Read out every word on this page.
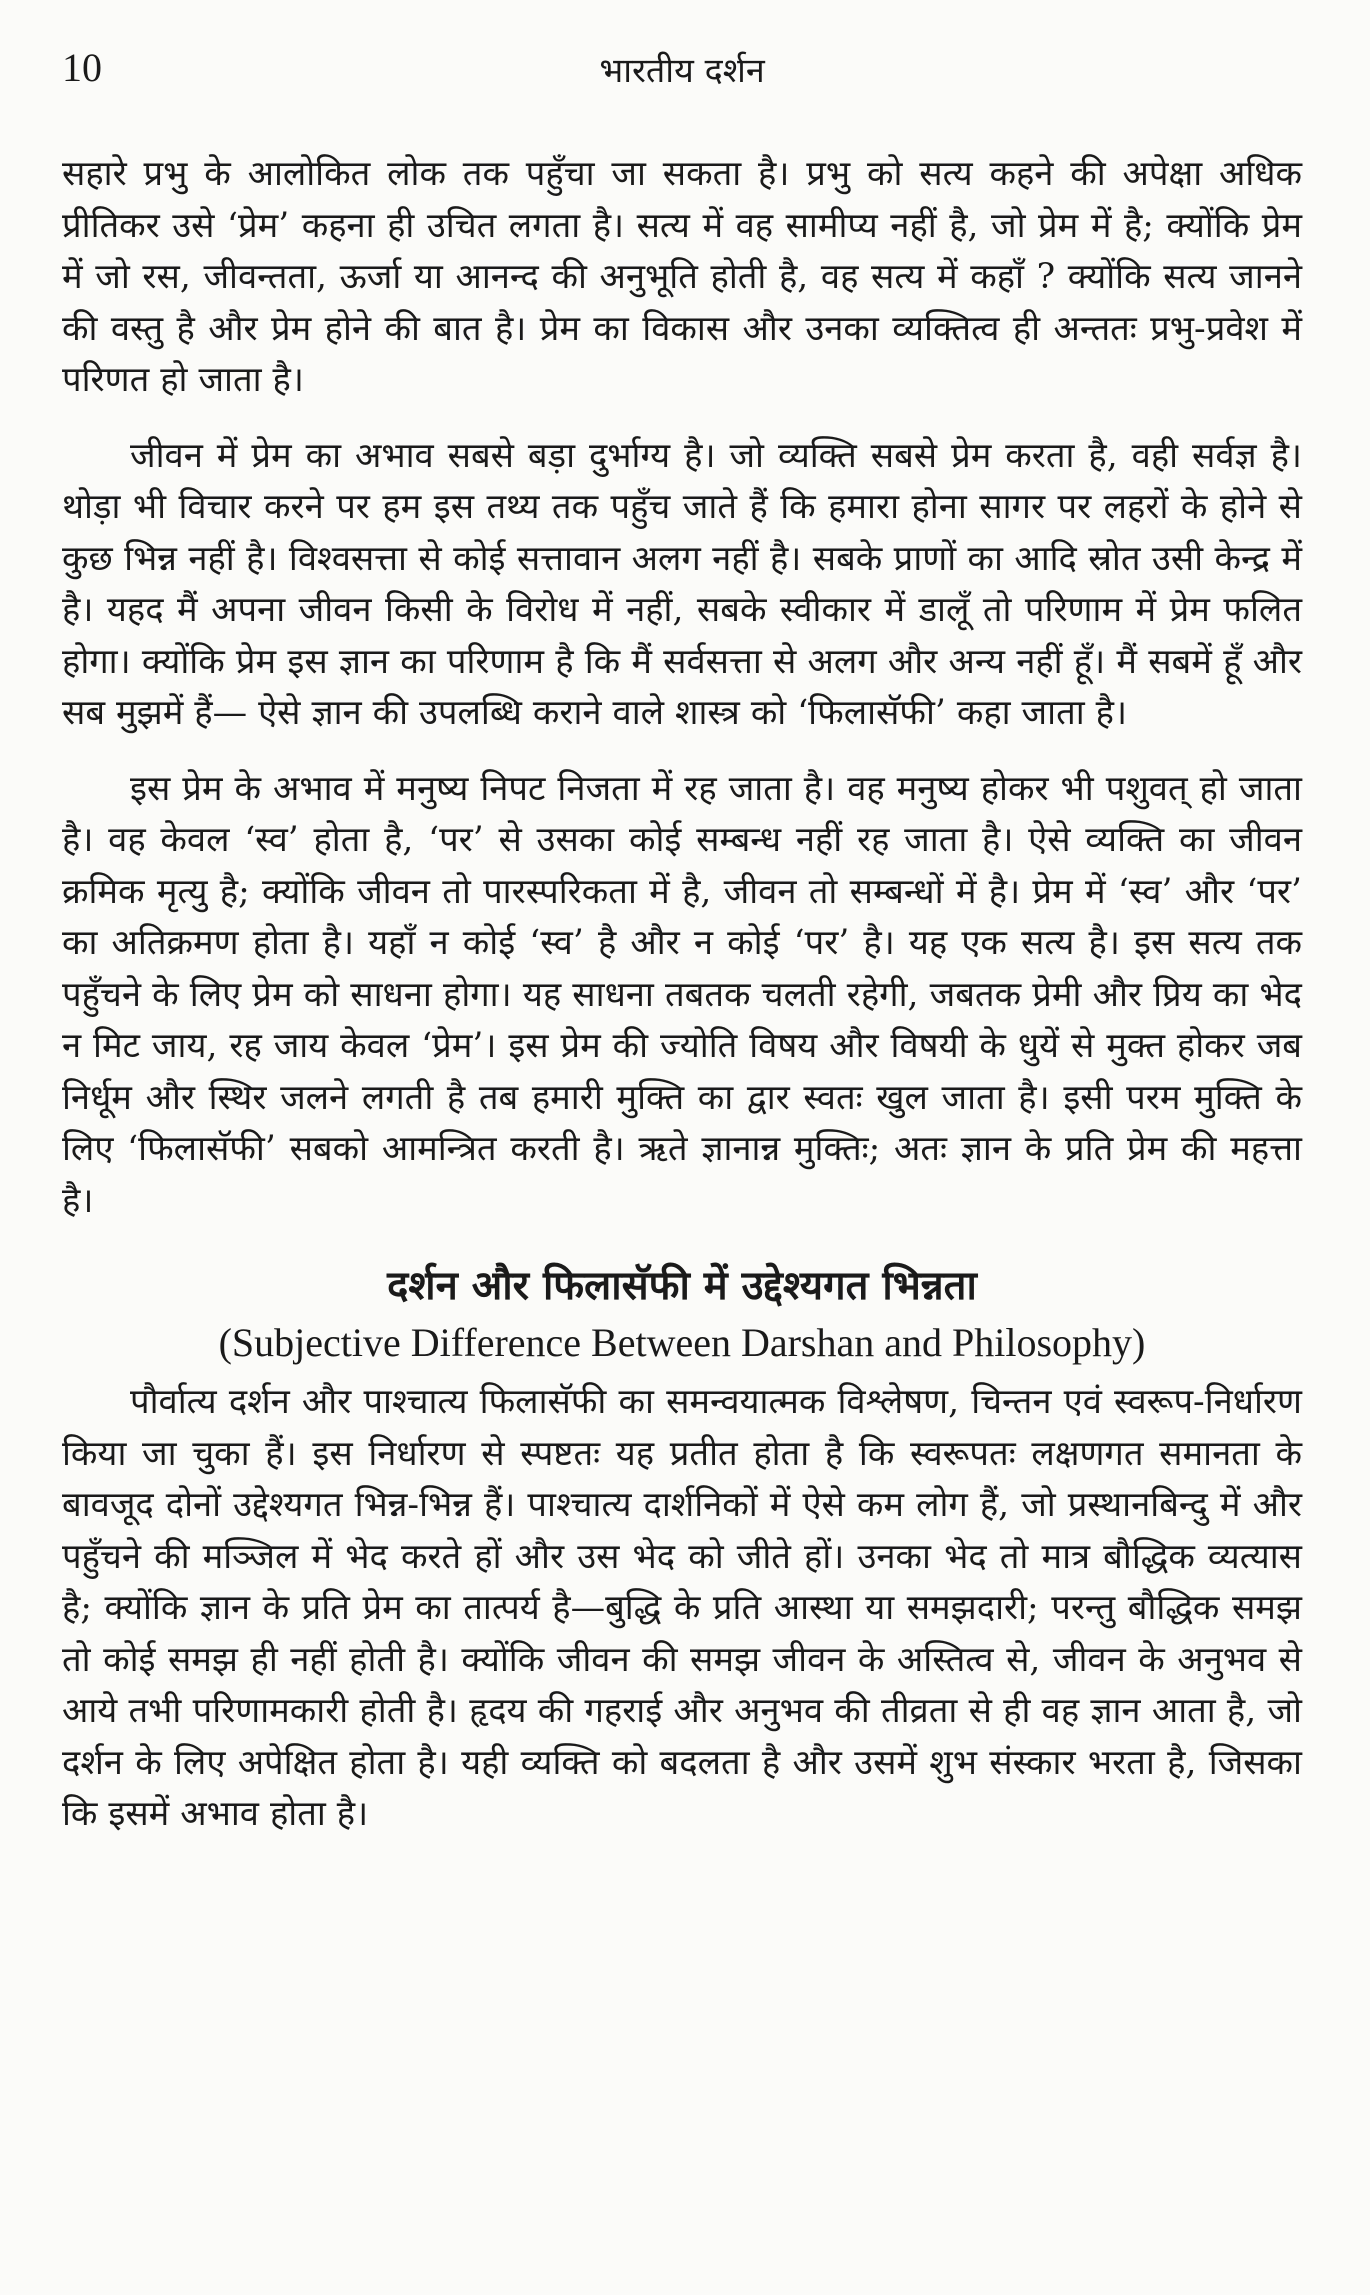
10	भारतीय दर्शन

सहारे प्रभु के आलोकित लोक तक पहुँचा जा सकता है। प्रभु को सत्य कहने की अपेक्षा अधिक प्रीतिकर उसे ‘प्रेम’ कहना ही उचित लगता है। सत्य में वह सामीप्य नहीं है, जो प्रेम में है; क्योंकि प्रेम में जो रस, जीवन्तता, ऊर्जा या आनन्द की अनुभूति होती है, वह सत्य में कहाँ ? क्योंकि सत्य जानने की वस्तु है और प्रेम होने की बात है। प्रेम का विकास और उनका व्यक्तित्व ही अन्ततः प्रभु-प्रवेश में परिणत हो जाता है।

जीवन में प्रेम का अभाव सबसे बड़ा दुर्भाग्य है। जो व्यक्ति सबसे प्रेम करता है, वही सर्वज्ञ है। थोड़ा भी विचार करने पर हम इस तथ्य तक पहुँच जाते हैं कि हमारा होना सागर पर लहरों के होने से कुछ भिन्न नहीं है। विश्वसत्ता से कोई सत्तावान अलग नहीं है। सबके प्राणों का आदि स्रोत उसी केन्द्र में है। यहद मैं अपना जीवन किसी के विरोध में नहीं, सबके स्वीकार में डालूँ तो परिणाम में प्रेम फलित होगा। क्योंकि प्रेम इस ज्ञान का परिणाम है कि मैं सर्वसत्ता से अलग और अन्य नहीं हूँ। मैं सबमें हूँ और सब मुझमें हैं— ऐसे ज्ञान की उपलब्धि कराने वाले शास्त्र को ‘फिलासॅफी’ कहा जाता है।

इस प्रेम के अभाव में मनुष्य निपट निजता में रह जाता है। वह मनुष्य होकर भी पशुवत् हो जाता है। वह केवल ‘स्व’ होता है, ‘पर’ से उसका कोई सम्बन्ध नहीं रह जाता है। ऐसे व्यक्ति का जीवन क्रमिक मृत्यु है; क्योंकि जीवन तो पारस्परिकता में है, जीवन तो सम्बन्धों में है। प्रेम में ‘स्व’ और ‘पर’ का अतिक्रमण होता है। यहाँ न कोई ‘स्व’ है और न कोई ‘पर’ है। यह एक सत्य है। इस सत्य तक पहुँचने के लिए प्रेम को साधना होगा। यह साधना तबतक चलती रहेगी, जबतक प्रेमी और प्रिय का भेद न मिट जाय, रह जाय केवल ‘प्रेम’। इस प्रेम की ज्योति विषय और विषयी के धुयें से मुक्त होकर जब निर्धूम और स्थिर जलने लगती है तब हमारी मुक्ति का द्वार स्वतः खुल जाता है। इसी परम मुक्ति के लिए ‘फिलासॅफी’ सबको आमन्त्रित करती है। ऋते ज्ञानान्न मुक्तिः; अतः ज्ञान के प्रति प्रेम की महत्ता है।

दर्शन और फिलासॅफी में उद्देश्यगत भिन्नता
(Subjective Difference Between Darshan and Philosophy)

पौर्वात्य दर्शन और पाश्चात्य फिलासॅफी का समन्वयात्मक विश्लेषण, चिन्तन एवं स्वरूप-निर्धारण किया जा चुका हैं। इस निर्धारण से स्पष्टतः यह प्रतीत होता है कि स्वरूपतः लक्षणगत समानता के बावजूद दोनों उद्देश्यगत भिन्न-भिन्न हैं। पाश्चात्य दार्शनिकों में ऐसे कम लोग हैं, जो प्रस्थानबिन्दु में और पहुँचने की मञ्जिल में भेद करते हों और उस भेद को जीते हों। उनका भेद तो मात्र बौद्धिक व्यत्यास है; क्योंकि ज्ञान के प्रति प्रेम का तात्पर्य है—बुद्धि के प्रति आस्था या समझदारी; परन्तु बौद्धिक समझ तो कोई समझ ही नहीं होती है। क्योंकि जीवन की समझ जीवन के अस्तित्व से, जीवन के अनुभव से आये तभी परिणामकारी होती है। हृदय की गहराई और अनुभव की तीव्रता से ही वह ज्ञान आता है, जो दर्शन के लिए अपेक्षित होता है। यही व्यक्ति को बदलता है और उसमें शुभ संस्कार भरता है, जिसका कि इसमें अभाव होता है।
